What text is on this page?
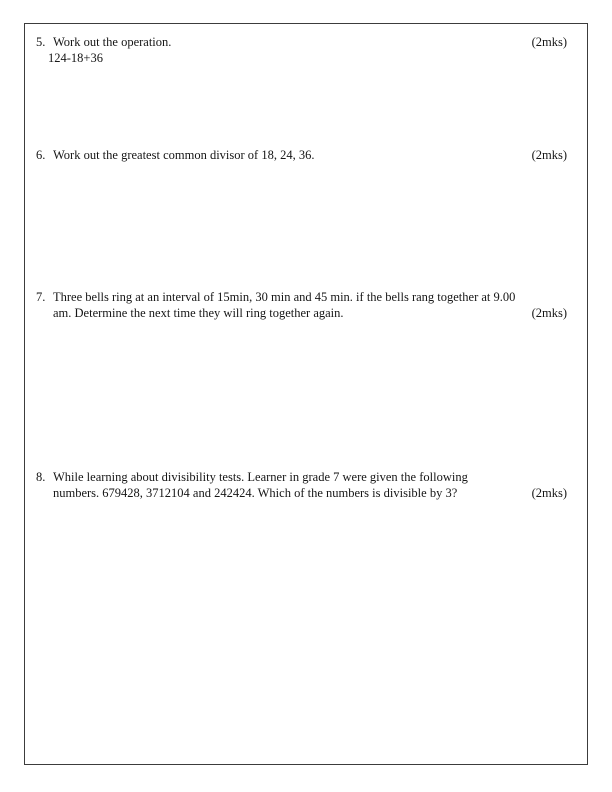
5. Work out the operation.
124-18+36
(2mks)
6. Work out the greatest common divisor of 18, 24, 36.	(2mks)
7. Three bells ring at an interval of 15min, 30 min and 45 min. if the bells rang together at 9.00
am. Determine the next time they will ring together again.	(2mks)
8. While learning about divisibility tests. Learner in grade 7 were given the following
numbers. 679428, 3712104 and 242424. Which of the numbers is divisible by 3?	(2mks)
